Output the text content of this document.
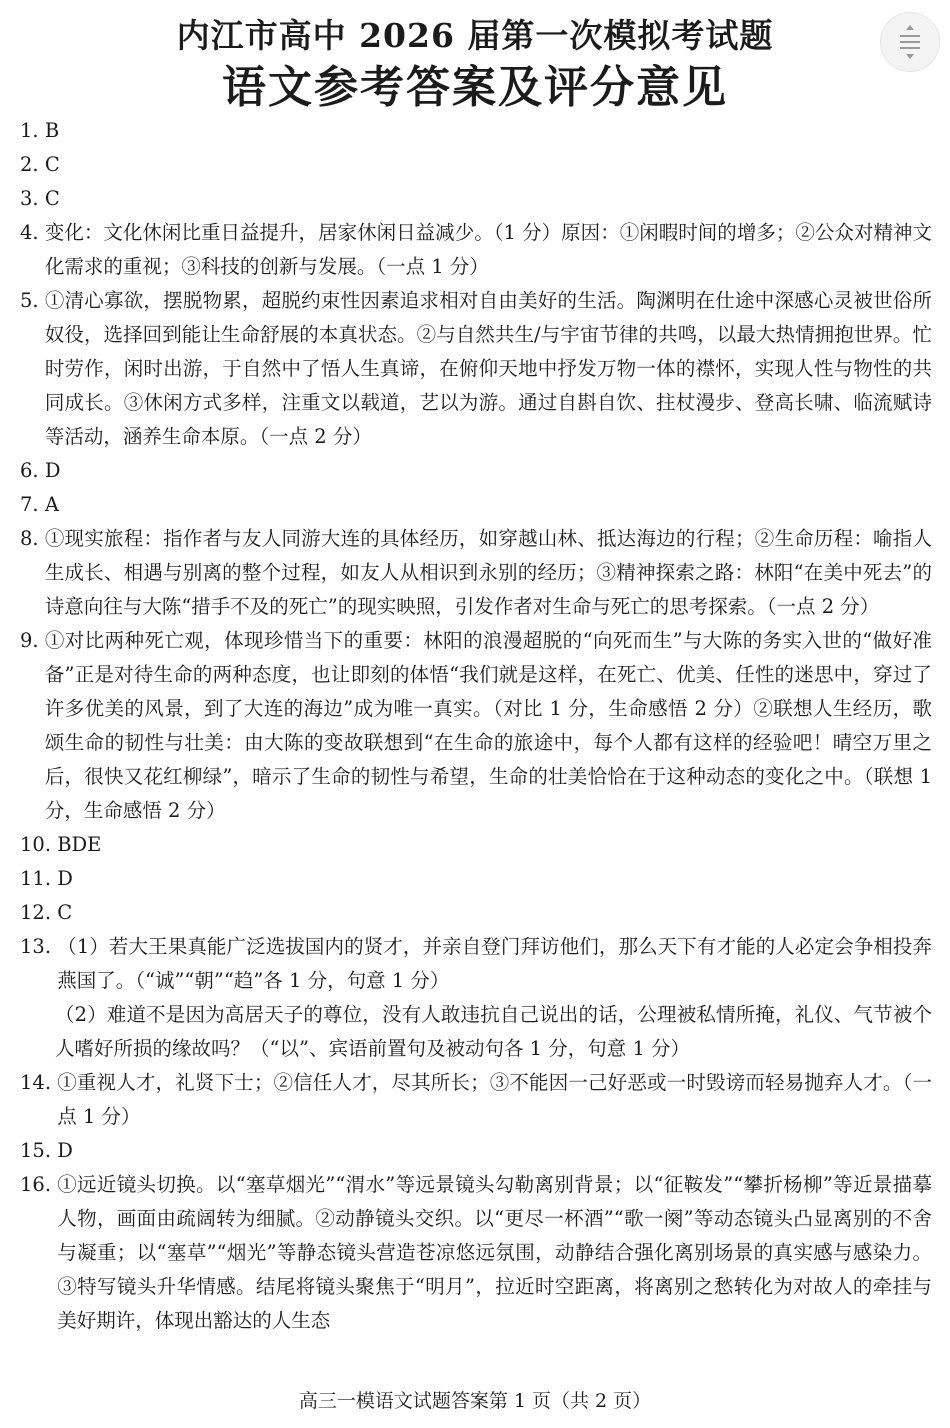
内江市高中 2026 届第一次模拟考试题
语文参考答案及评分意见
1. B
2. C
3. C
4. 变化：文化休闲比重日益提升，居家休闲日益减少。（1 分）原因：①闲暇时间的增多；②公众对精神文化需求的重视；③科技的创新与发展。（一点 1 分）
5. ①清心寡欲，摆脱物累，超脱约束性因素追求相对自由美好的生活。陶渊明在仕途中深感心灵被世俗所奴役，选择回到能让生命舒展的本真状态。②与自然共生/与宇宙节律的共鸣，以最大热情拥抱世界。忙时劳作，闲时出游，于自然中了悟人生真谛，在俯仰天地中抒发万物一体的襟怀，实现人性与物性的共同成长。③休闲方式多样，注重文以载道，艺以为游。通过自斟自饮、拄杖漫步、登高长啸、临流赋诗等活动，涵养生命本原。（一点 2 分）
6. D
7. A
8. ①现实旅程：指作者与友人同游大连的具体经历，如穿越山林、抵达海边的行程；②生命历程：喻指人生成长、相遇与别离的整个过程，如友人从相识到永别的经历；③精神探索之路：林阳“在美中死去”的诗意向往与大陈“措手不及的死亡”的现实映照，引发作者对生命与死亡的思考探索。（一点 2 分）
9. ①对比两种死亡观，体现珍惜当下的重要：林阳的浪漫超脱的“向死而生”与大陈的务实入世的“做好准备”正是对待生命的两种态度，也让即刻的体悟“我们就是这样，在死亡、优美、任性的迷思中，穿过了许多优美的风景，到了大连的海边”成为唯一真实。（对比 1 分，生命感悟 2 分）②联想人生经历，歌颂生命的韧性与壮美：由大陈的变故联想到“在生命的旅途中，每个人都有这样的经验吧！晴空万里之后，很快又花红柳绿”，暗示了生命的韧性与希望，生命的壮美恰恰在于这种动态的变化之中。（联想 1 分，生命感悟 2 分）
10. BDE
11. D
12. C
13. （1）若大王果真能广泛选拔国内的贤才，并亲自登门拜访他们，那么天下有才能的人必定会争相投奔燕国了。（“诚”“朝”“趋”各 1 分，句意 1 分）
（2）难道不是因为高居天子的尊位，没有人敢违抗自己说出的话，公理被私情所掩，礼仪、气节被个人嗜好所损的缘故吗？（“以”、宾语前置句及被动句各 1 分，句意 1 分）
14. ①重视人才，礼贤下士；②信任人才，尽其所长；③不能因一己好恶或一时毁谤而轻易抛弃人才。（一点 1 分）
15. D
16. ①远近镜头切换。以“塞草烟光”“渭水”等远景镜头勾勒离别背景；以“征鞍发”“攀折杨柳”等近景描摹人物，画面由疏阔转为细腻。②动静镜头交织。以“更尽一杯酒”“歌一阕”等动态镜头凸显离别的不舍与凝重；以“塞草”“烟光”等静态镜头营造苍凉悠远氛围，动静结合强化离别场景的真实感与感染力。③特写镜头升华情感。结尾将镜头聚焦于“明月”，拉近时空距离，将离别之愁转化为对故人的牵挂与美好期许，体现出豁达的人生态
高三一模语文试题答案第 1 页（共 2 页）
